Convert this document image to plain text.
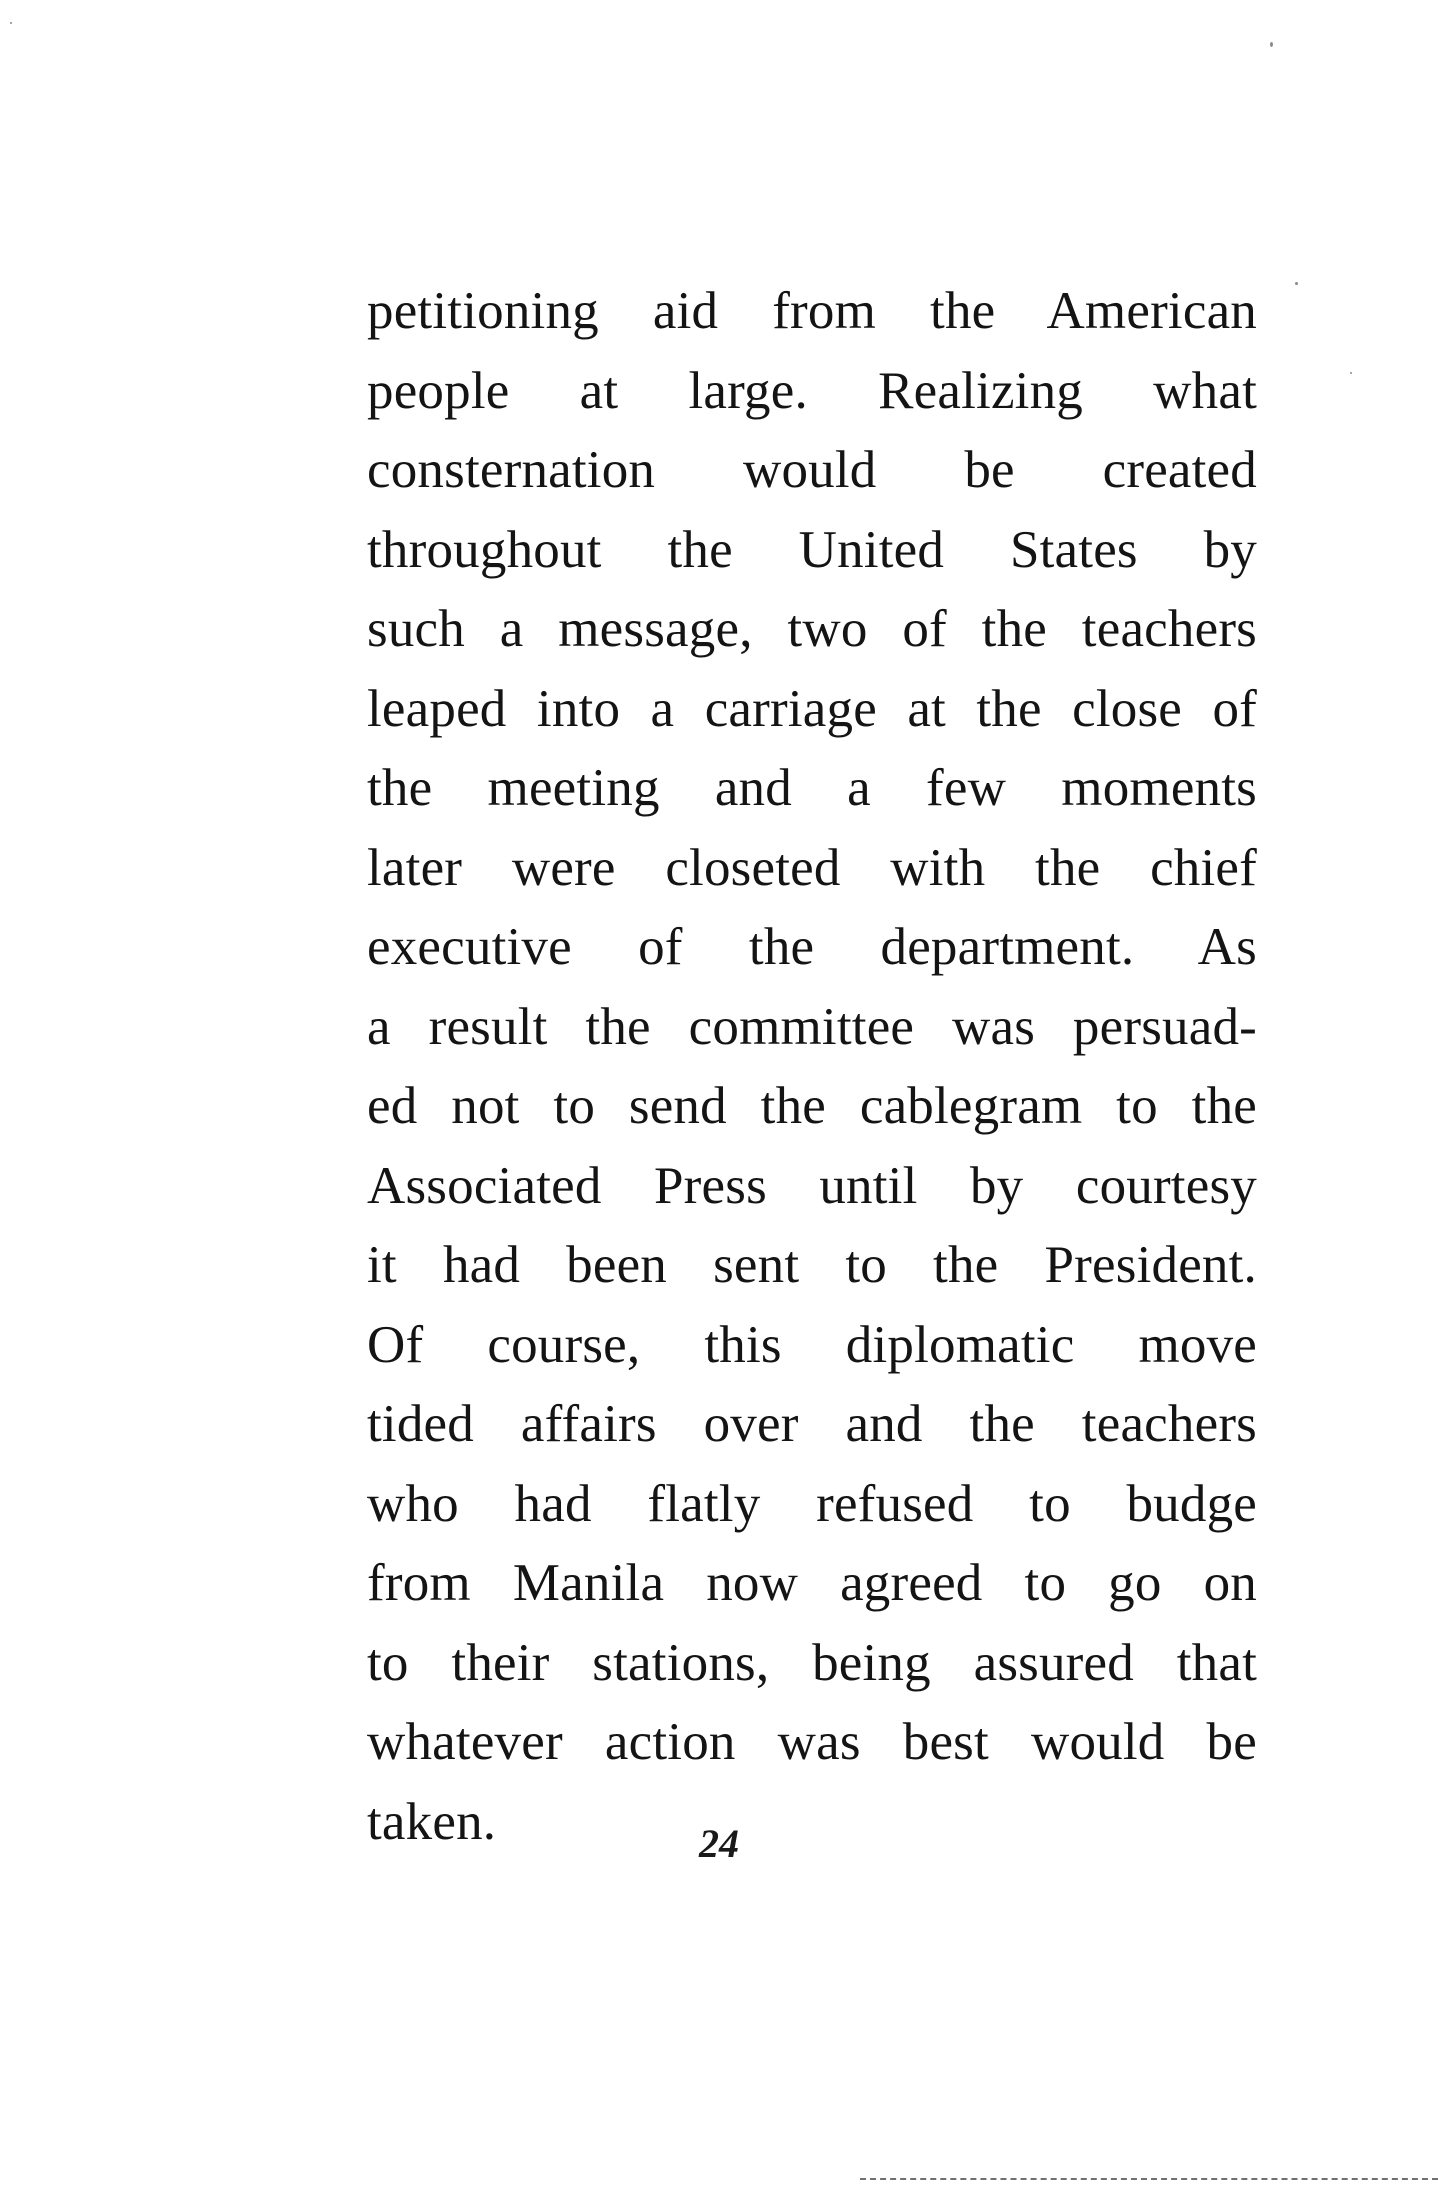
petitioning aid from the American
people at large. Realizing what
consternation would be created
throughout the United States by
such a message, two of the teachers
leaped into a carriage at the close of
the meeting and a few moments
later were closeted with the chief
executive of the department. As
a result the committee was persuad-
ed not to send the cablegram to the
Associated Press until by courtesy
it had been sent to the President.
Of course, this diplomatic move
tided affairs over and the teachers
who had flatly refused to budge
from Manila now agreed to go on
to their stations, being assured that
whatever action was best would be
taken.	24
